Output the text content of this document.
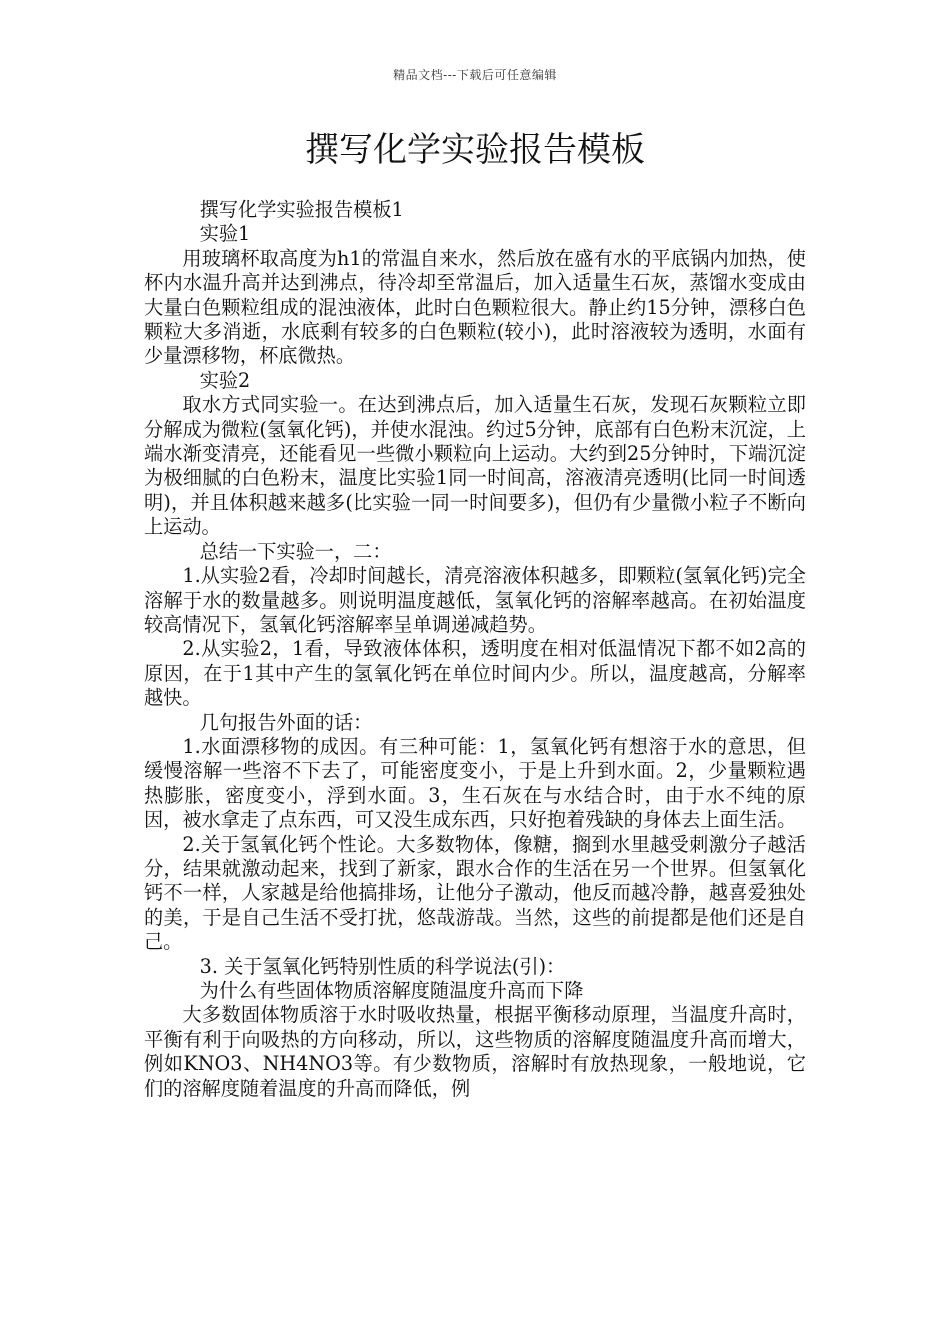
精品文档---下载后可任意编辑
撰写化学实验报告模板

撰写化学实验报告模板1

实验1

用玻璃杯取高度为h1的常温自来水，然后放在盛有水的平底锅内加热，使杯内水温升高并达到沸点，待冷却至常温后，加入适量生石灰，蒸馏水变成由大量白色颗粒组成的混浊液体，此时白色颗粒很大。静止约15分钟，漂移白色颗粒大多消逝，水底剩有较多的白色颗粒(较小)，此时溶液较为透明，水面有少量漂移物，杯底微热。

实验2

取水方式同实验一。在达到沸点后，加入适量生石灰，发现石灰颗粒立即分解成为微粒(氢氧化钙)，并使水混浊。约过5分钟，底部有白色粉末沉淀，上端水渐变清亮，还能看见一些微小颗粒向上运动。大约到25分钟时，下端沉淀为极细腻的白色粉末，温度比实验1同一时间高，溶液清亮透明(比同一时间透明)，并且体积越来越多(比实验一同一时间要多)，但仍有少量微小粒子不断向上运动。

总结一下实验一，二：

1.从实验2看，冷却时间越长，清亮溶液体积越多，即颗粒(氢氧化钙)完全溶解于水的数量越多。则说明温度越低，氢氧化钙的溶解率越高。在初始温度较高情况下，氢氧化钙溶解率呈单调递减趋势。

2.从实验2，1看，导致液体体积，透明度在相对低温情况下都不如2高的原因，在于1其中产生的氢氧化钙在单位时间内少。所以，温度越高，分解率越快。

几句报告外面的话：

1.水面漂移物的成因。有三种可能：1，氢氧化钙有想溶于水的意思，但缓慢溶解一些溶不下去了，可能密度变小，于是上升到水面。2，少量颗粒遇热膨胀，密度变小，浮到水面。3，生石灰在与水结合时，由于水不纯的原因，被水拿走了点东西，可又没生成东西，只好抱着残缺的身体去上面生活。

2.关于氢氧化钙个性论。大多数物体，像糖，搁到水里越受刺激分子越活分，结果就激动起来，找到了新家，跟水合作的生活在另一个世界。但氢氧化钙不一样，人家越是给他搞排场，让他分子激动，他反而越冷静，越喜爱独处的美，于是自己生活不受打扰，悠哉游哉。当然，这些的前提都是他们还是自己。

3. 关于氢氧化钙特别性质的科学说法(引)：

为什么有些固体物质溶解度随温度升高而下降

大多数固体物质溶于水时吸收热量，根据平衡移动原理，当温度升高时，平衡有利于向吸热的方向移动，所以，这些物质的溶解度随温度升高而增大，例如KNO3、NH4NO3等。有少数物质，溶解时有放热现象，一般地说，它们的溶解度随着温度的升高而降低，例
